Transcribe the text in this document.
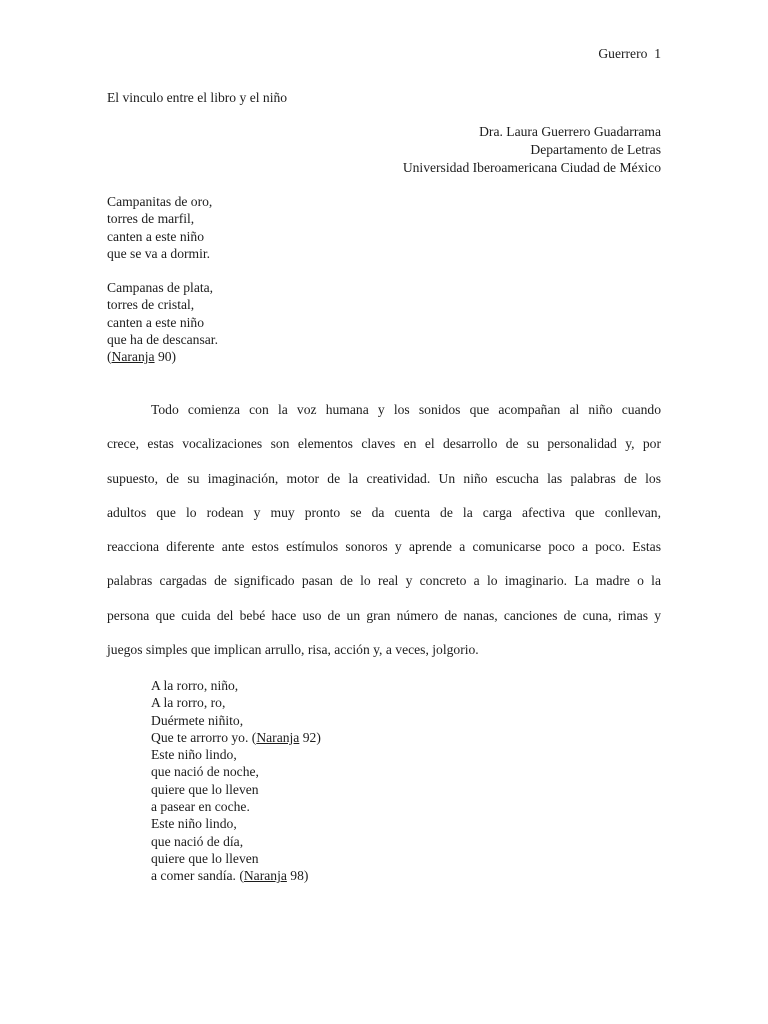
Guerrero  1
El vinculo entre el libro y el niño
Dra. Laura Guerrero Guadarrama
Departamento de Letras
Universidad Iberoamericana Ciudad de México
Campanitas de oro,
torres de marfil,
canten a este niño
que se va a dormir.
Campanas de plata,
torres de cristal,
canten a este niño
que ha de descansar.
(Naranja 90)
Todo comienza con la voz humana y los sonidos que acompañan al niño cuando
crece, estas vocalizaciones son elementos claves en el desarrollo de su personalidad y, por
supuesto, de su imaginación, motor de la creatividad. Un niño escucha las palabras de los
adultos que lo rodean y muy pronto se da cuenta de la carga afectiva que conllevan,
reacciona diferente ante estos estímulos sonoros y aprende a comunicarse poco a poco. Estas
palabras cargadas de significado pasan de lo real y concreto a lo imaginario. La madre o la
persona que cuida del bebé hace uso de un gran número de nanas, canciones de cuna, rimas y
juegos simples que implican arrullo, risa, acción y, a veces, jolgorio.
A la rorro, niño,
A la rorro, ro,
Duérmete niñito,
Que te arrorro yo. (Naranja 92)
Este niño lindo,
que nació de noche,
quiere que lo lleven
a pasear en coche.
Este niño lindo,
que nació de día,
quiere que lo lleven
a comer sandía. (Naranja 98)
